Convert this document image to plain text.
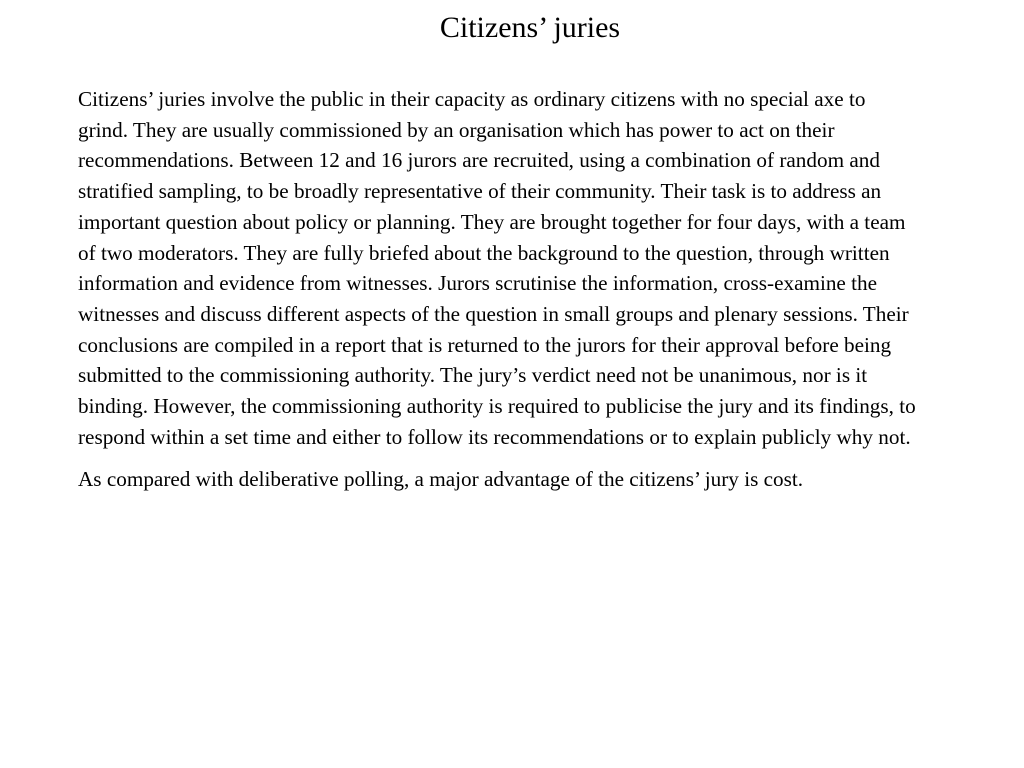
Citizens’ juries

Citizens’ juries involve the public in their capacity as ordinary citizens with no special axe to grind. They are usually commissioned by an organisation which has power to act on their recommendations. Between 12 and 16 jurors are recruited, using a combination of random and stratified sampling, to be broadly representative of their community. Their task is to address an important question about policy or planning. They are brought together for four days, with a team of two moderators. They are fully briefed about the background to the question, through written information and evidence from witnesses. Jurors scrutinise the information, cross-examine the witnesses and discuss different aspects of the question in small groups and plenary sessions. Their conclusions are compiled in a report that is returned to the jurors for their approval before being submitted to the commissioning authority. The jury’s verdict need not be unanimous, nor is it binding. However, the commissioning authority is required to publicise the jury and its findings, to respond within a set time and either to follow its recommendations or to explain publicly why not.

As compared with deliberative polling, a major advantage of the citizens’ jury is cost.
